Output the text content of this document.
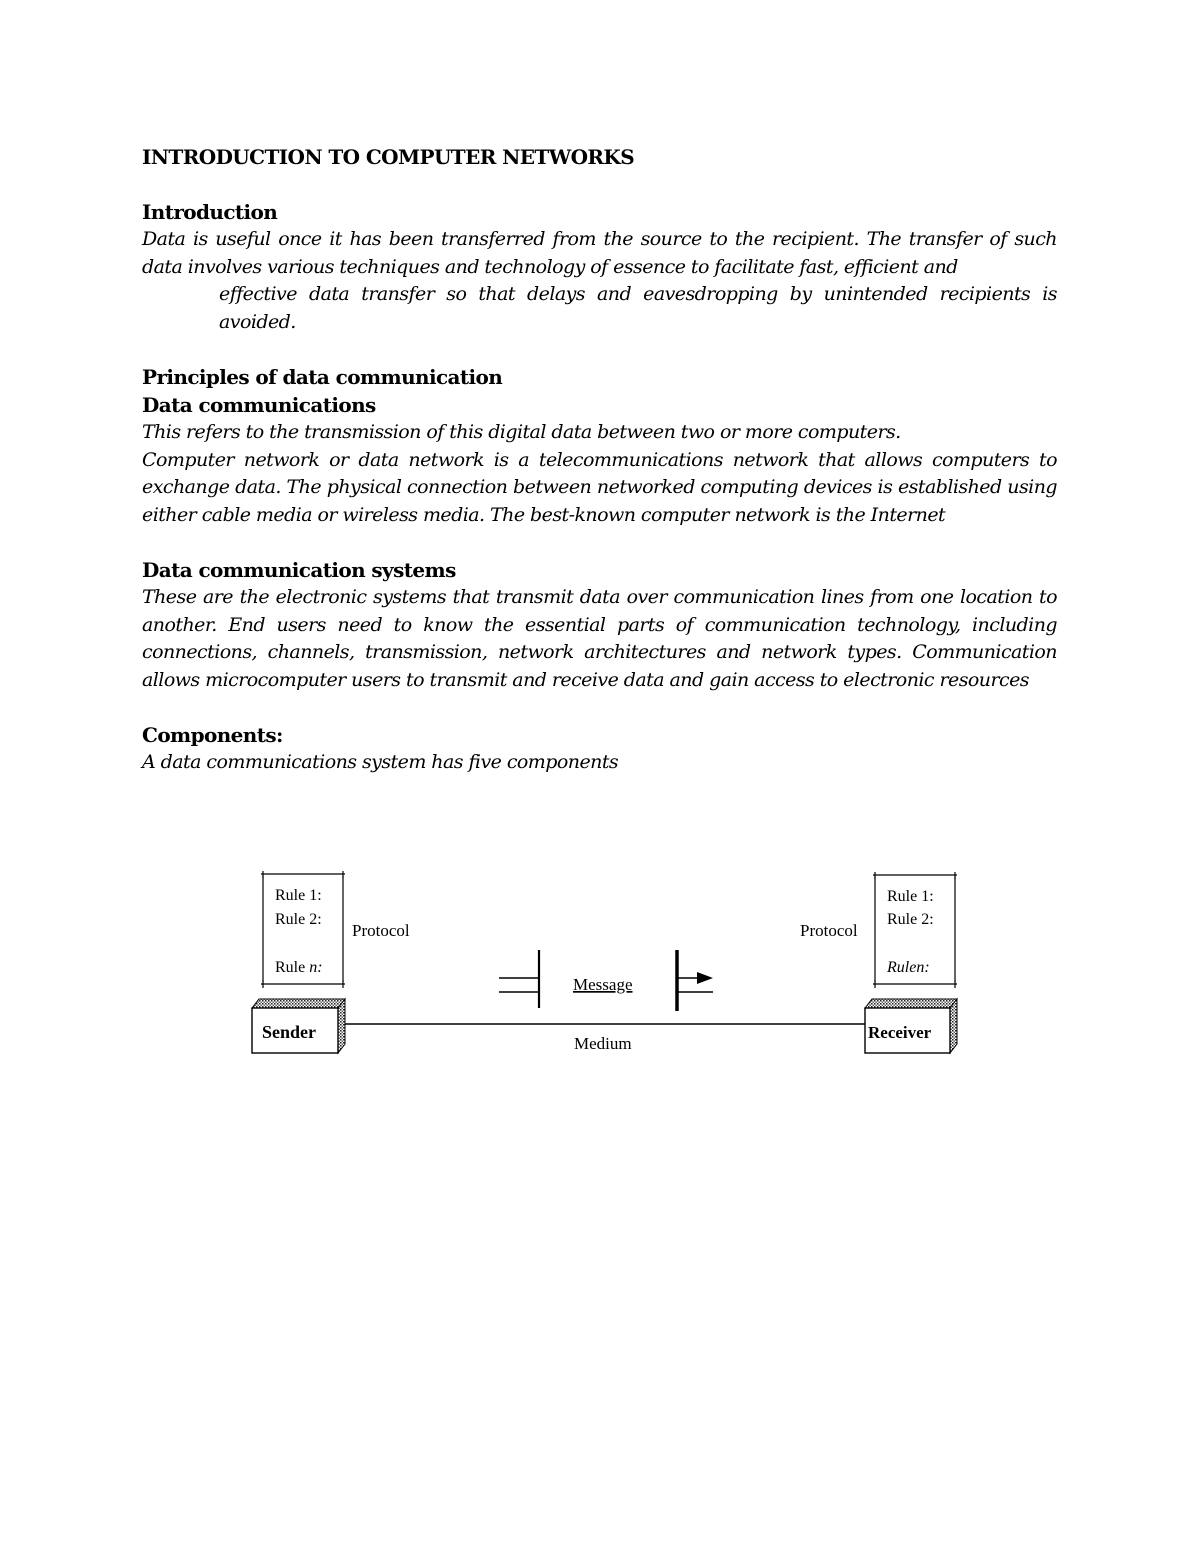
INTRODUCTION TO COMPUTER NETWORKS

Introduction

Data is useful once it has been transferred from the source to the recipient. The transfer of such data involves various techniques and technology of essence to facilitate fast, efficient and

effective data transfer so that delays and eavesdropping by unintended recipients is avoided.

Principles of data communication

Data communications

This refers to the transmission of this digital data between two or more computers.

Computer network or data network is a telecommunications network that allows computers to exchange data. The physical connection between networked computing devices is established using either cable media or wireless media. The best-known computer network is the Internet

Data communication systems

These are the electronic systems that transmit data over communication lines from one location to another. End users need to know the essential parts of communication technology, including connections, channels, transmission, network architectures and network types. Communication allows microcomputer users to transmit and receive data and gain access to electronic resources

Components:

A data communications system has five components

Rule 1:
Rule 2:
Rule n:
Rule 1:
Rule 2:
Rulen:
Protocol	Protocol
Message
Medium
Sender	Receiver
